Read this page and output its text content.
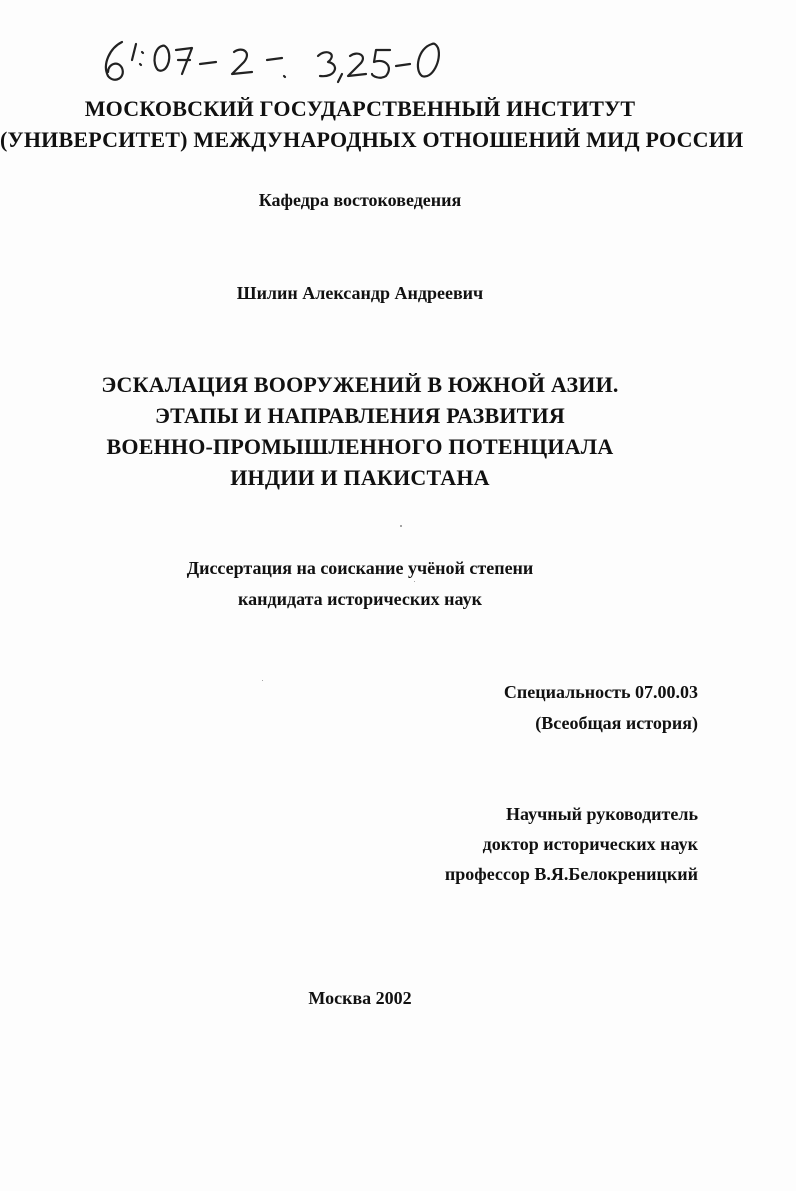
МОСКОВСКИЙ ГОСУДАРСТВЕННЫЙ ИНСТИТУТ
(УНИВЕРСИТЕТ) МЕЖДУНАРОДНЫХ ОТНОШЕНИЙ МИД РОССИИ
Кафедра востоковедения
Шилин Александр Андреевич
ЭСКАЛАЦИЯ ВООРУЖЕНИЙ В ЮЖНОЙ АЗИИ.
ЭТАПЫ И НАПРАВЛЕНИЯ РАЗВИТИЯ
ВОЕННО-ПРОМЫШЛЕННОГО ПОТЕНЦИАЛА
ИНДИИ И ПАКИСТАНА
Диссертация на соискание учёной степени
кандидата исторических наук
Специальность 07.00.03
(Всеобщая история)
Научный руководитель
доктор исторических наук
профессор В.Я.Белокреницкий
Москва 2002
